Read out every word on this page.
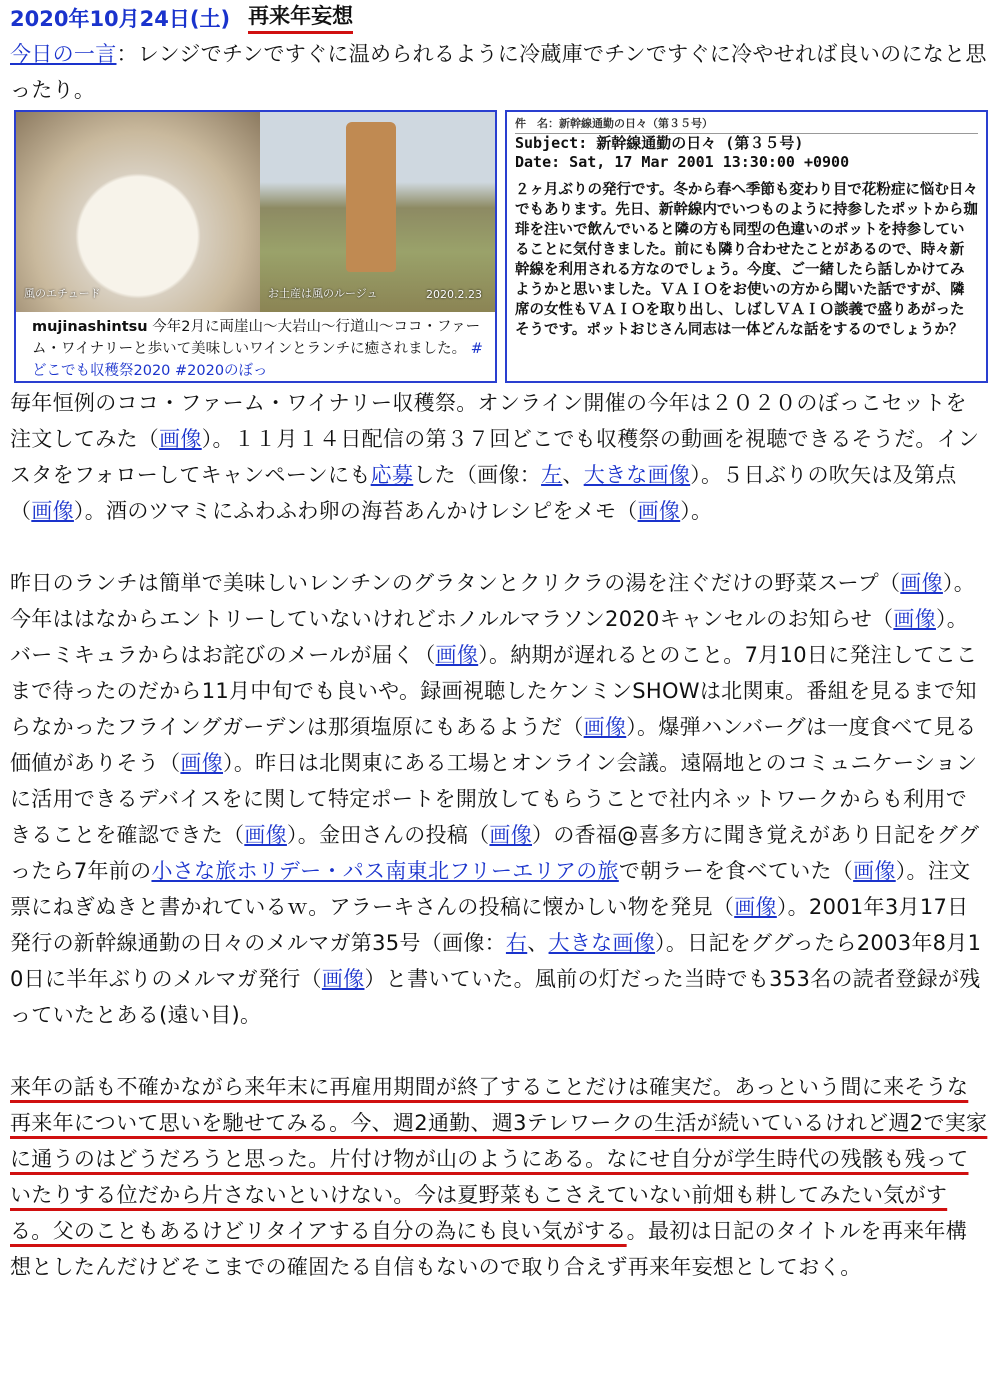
2020年10月24日(土) 再来年妄想

今日の一言：レンジでチンですぐに温められるように冷蔵庫でチンですぐに冷やせれば良いのになと思ったり。

風のエチュード	お土産は風のルージュ	2020.2.23
mujinashintsu 今年2月に両崖山〜大岩山〜行道山〜ココ・ファーム・ワイナリーと歩いて美味しいワインとランチに癒されました。 #どこでも収穫祭2020 #2020のぼっ
件　名：新幹線通勤の日々（第３５号）
Subject: 新幹線通勤の日々 (第３５号)
Date: Sat, 17 Mar 2001 13:30:00 +0900
２ヶ月ぶりの発行です。冬から春へ季節も変わり目で花粉症に悩む日々でもあります。先日、新幹線内でいつものように持参したポットから珈琲を注いで飲んでいると隣の方も同型の色違いのポットを持参していることに気付きました。前にも隣り合わせたことがあるので、時々新幹線を利用される方なのでしょう。今度、ご一緒したら話しかけてみようかと思いました。ＶＡＩＯをお使いの方から聞いた話ですが、隣席の女性もＶＡＩＯを取り出し、しばしＶＡＩＯ談義で盛りあがったそうです。ポットおじさん同志は一体どんな話をするのでしょうか？

毎年恒例のココ・ファーム・ワイナリー収穫祭。オンライン開催の今年は２０２０のぼっこセットを注文してみた（画像）。１１月１４日配信の第３７回どこでも収穫祭の動画を視聴できるそうだ。インスタをフォローしてキャンペーンにも応募した（画像：左、大きな画像）。５日ぶりの吹矢は及第点（画像）。酒のツマミにふわふわ卵の海苔あんかけレシピをメモ（画像）。

昨日のランチは簡単で美味しいレンチンのグラタンとクリクラの湯を注ぐだけの野菜スープ（画像）。今年ははなからエントリーしていないけれどホノルルマラソン2020キャンセルのお知らせ（画像）。バーミキュラからはお詫びのメールが届く（画像）。納期が遅れるとのこと。7月10日に発注してここまで待ったのだから11月中旬でも良いや。録画視聴したケンミンSHOWは北関東。番組を見るまで知らなかったフライングガーデンは那須塩原にもあるようだ（画像）。爆弾ハンバーグは一度食べて見る価値がありそう（画像）。昨日は北関東にある工場とオンライン会議。遠隔地とのコミュニケーションに活用できるデバイスをに関して特定ポートを開放してもらうことで社内ネットワークからも利用できることを確認できた（画像）。金田さんの投稿（画像）の香福@喜多方に聞き覚えがあり日記をググったら7年前の小さな旅ホリデー・パス南東北フリーエリアの旅で朝ラーを食べていた（画像）。注文票にねぎぬきと書かれているｗ。アラーキさんの投稿に懐かしい物を発見（画像）。2001年3月17日発行の新幹線通勤の日々のメルマガ第35号（画像：右、大きな画像）。日記をググったら2003年8月10日に半年ぶりのメルマガ発行（画像）と書いていた。風前の灯だった当時でも353名の読者登録が残っていたとある(遠い目)。

来年の話も不確かながら来年末に再雇用期間が終了することだけは確実だ。あっという間に来そうな再来年について思いを馳せてみる。今、週2通勤、週3テレワークの生活が続いているけれど週2で実家に通うのはどうだろうと思った。片付け物が山のようにある。なにせ自分が学生時代の残骸も残っていたりする位だから片さないといけない。今は夏野菜もこさえていない前畑も耕してみたい気がする。父のこともあるけどリタイアする自分の為にも良い気がする。最初は日記のタイトルを再来年構想としたんだけどそこまでの確固たる自信もないので取り合えず再来年妄想としておく。
